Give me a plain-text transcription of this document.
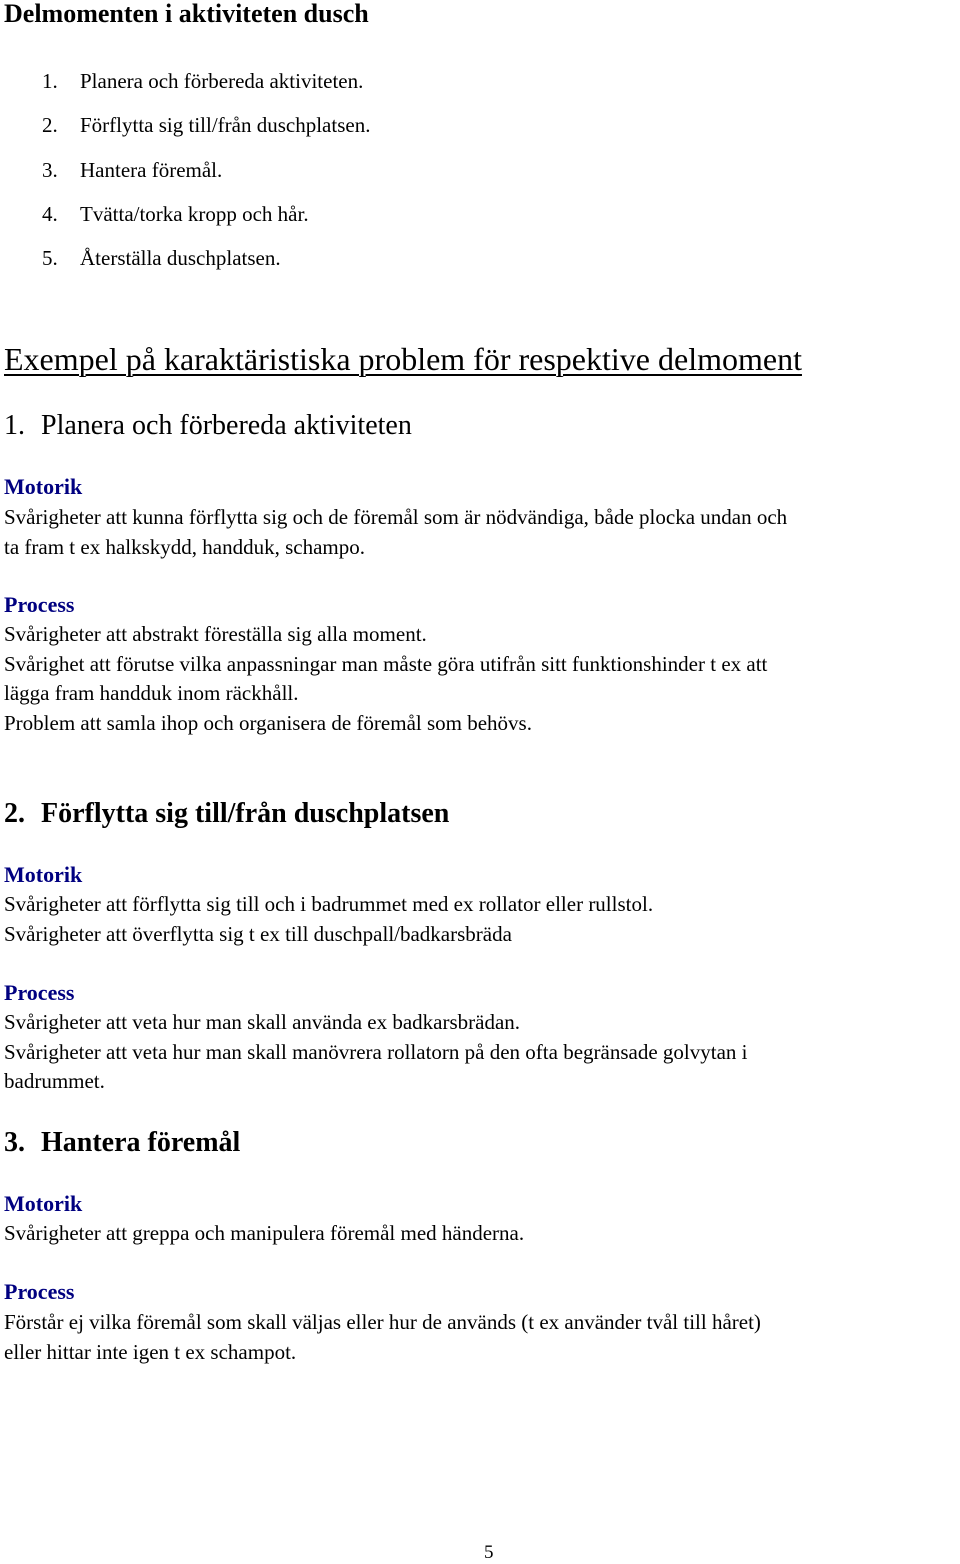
Delmomenten i aktiviteten dusch
1. Planera och förbereda aktiviteten.
2. Förflytta sig till/från duschplatsen.
3. Hantera föremål.
4. Tvätta/torka kropp och hår.
5. Återställa duschplatsen.
Exempel på karaktäristiska problem för respektive delmoment
1. Planera och förbereda aktiviteten
Motorik

Svårigheter att kunna förflytta sig och de föremål som är nödvändiga, både plocka undan och

ta fram t ex halkskydd, handduk, schampo.

Process

Svårigheter att abstrakt föreställa sig alla moment.

Svårighet att förutse vilka anpassningar man måste göra utifrån sitt funktionshinder t ex att

lägga fram handduk inom räckhåll.

Problem att samla ihop och organisera de föremål som behövs.

2. Förflytta sig till/från duschplatsen
Motorik

Svårigheter att förflytta sig till och i badrummet med ex rollator eller rullstol.

Svårigheter att överflytta sig t ex till duschpall/badkarsbräda

Process

Svårigheter att veta hur man skall använda ex badkarsbrädan.

Svårigheter att veta hur man skall manövrera rollatorn på den ofta begränsade golvytan i

badrummet.

3. Hantera föremål
Motorik

Svårigheter att greppa och manipulera föremål med händerna.

Process

Förstår ej vilka föremål som skall väljas eller hur de används (t ex använder tvål till håret)

eller hittar inte igen t ex schampot.

5
